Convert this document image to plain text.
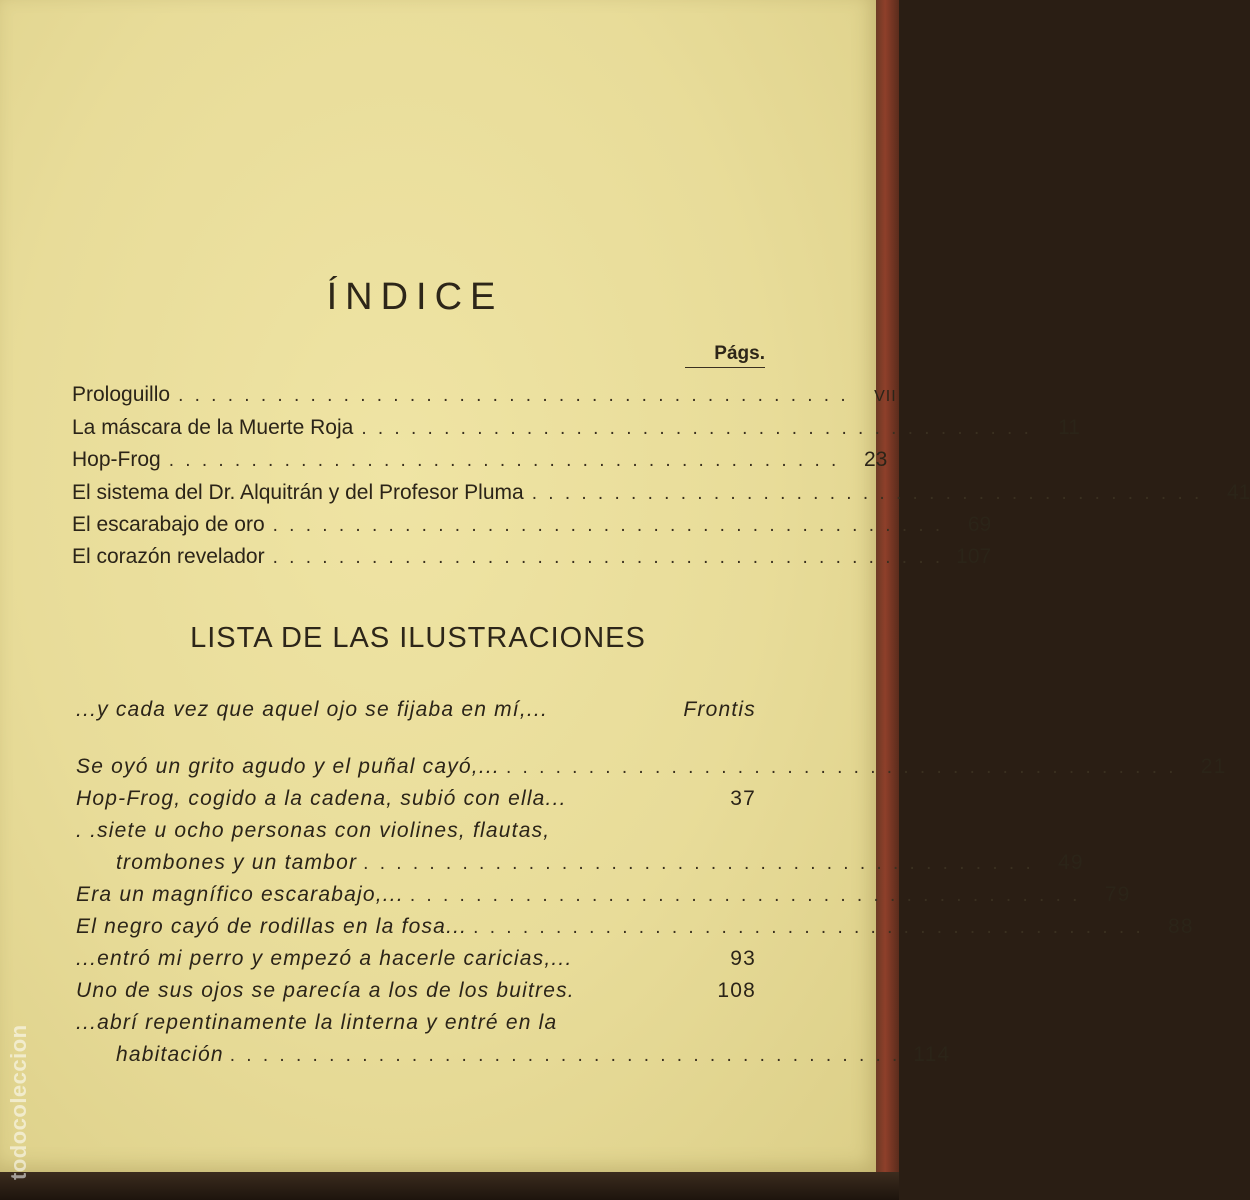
ÍNDICE
Págs.
Prologuillo . . . . . . . . . . . . . . . . . . . . . . . . . . . . . . . . . . . . . . . . .	VII
La máscara de la Muerte Roja . . . . . . . . . . . . . . . . . . . . . . . . . . . . . . . . . . . . . . . . .	11
Hop-Frog . . . . . . . . . . . . . . . . . . . . . . . . . . . . . . . . . . . . . . . . .	23
El sistema del Dr. Alquitrán y del Profesor Pluma . . . . . . . . . . . . . . . . . . . . . . . . . . . . . . . . . . . . . . . . .	41
El escarabajo de oro . . . . . . . . . . . . . . . . . . . . . . . . . . . . . . . . . . . . . . . . .	69
El corazón revelador . . . . . . . . . . . . . . . . . . . . . . . . . . . . . . . . . . . . . . . . . 107
LISTA DE LAS ILUSTRACIONES
...y cada vez que aquel ojo se fijaba en mí,...	Frontis
Se oyó un grito agudo y el puñal cayó,... . . . . . . . . . . . . . . . . . . . . . . . . . . . . . . . . . . . . . . . . .	21
Hop-Frog, cogido a la cadena, subió con ella...	37
. .siete u ocho personas con violines, flautas,
trombones y un tambor . . . . . . . . . . . . . . . . . . . . . . . . . . . . . . . . . . . . . . . . .	49
Era un magnífico escarabajo,... . . . . . . . . . . . . . . . . . . . . . . . . . . . . . . . . . . . . . . . . .	79
El negro cayó de rodillas en la fosa... . . . . . . . . . . . . . . . . . . . . . . . . . . . . . . . . . . . . . . . . .	88
...entró mi perro y empezó a hacerle caricias,...	93
Uno de sus ojos se parecía a los de los buitres.	108
...abrí repentinamente la linterna y entré en la
habitación . . . . . . . . . . . . . . . . . . . . . . . . . . . . . . . . . . . . . . . . . 114
todocoleccion
